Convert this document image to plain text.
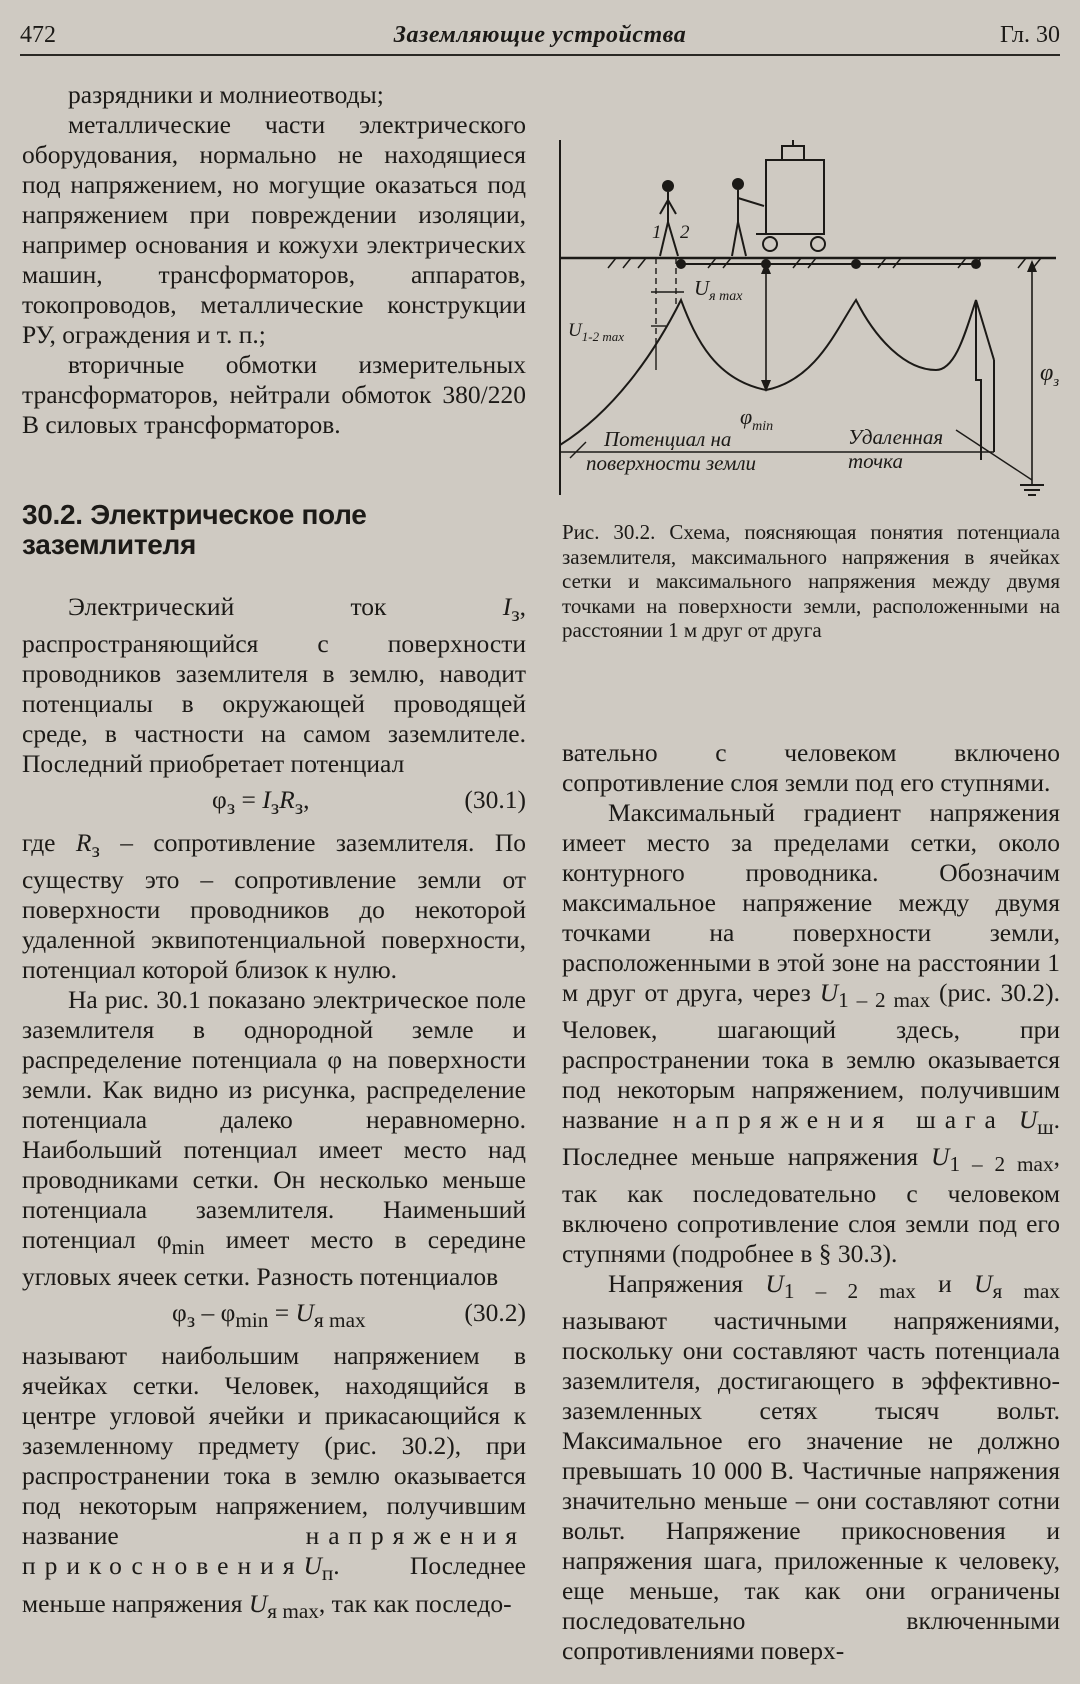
472	Заземляющие устройства	Гл. 30

разрядники и молниеотводы;

металлические части электрического оборудования, нормально не находящиеся под напряжением, но могущие оказаться под напряжением при повреждении изоляции, например основания и кожухи электрических машин, трансформаторов, аппаратов, токопроводов, металлические конструкции РУ, ограждения и т. п.;

вторичные обмотки измерительных трансформаторов, нейтрали обмоток 380/220 В силовых трансформаторов.

30.2. Электрическое поле заземлителя

Электрический ток $I_з$, распространяющийся с поверхности проводников заземлителя в землю, наводит потенциалы в окружающей проводящей среде, в частности на самом заземлителе. Последний приобретает потенциал

$\varphi_з = I_зR_з$,	(30.1)

где $R_з$ – сопротивление заземлителя. По существу это – сопротивление земли от поверхности проводников до некоторой удаленной эквипотенциальной поверхности, потенциал которой близок к нулю.

На рис. 30.1 показано электрическое поле заземлителя в однородной земле и распределение потенциала φ на поверхности земли. Как видно из рисунка, распределение потенциала далеко неравномерно. Наибольший потенциал имеет место над проводниками сетки. Он несколько меньше потенциала заземлителя. Наименьший потенциал $\varphi_{min}$ имеет место в середине угловых ячеек сетки. Разность потенциалов

$\varphi_з - \varphi_{min} = U_{я max}$	(30.2)

называют наибольшим напряжением в ячейках сетки. Человек, находящийся в центре угловой ячейки и прикасающийся к заземленному предмету (рис. 30.2), при распространении тока в землю оказывается под некоторым напряжением, получившим название напряжения прикосновенияU$_п$. Последнее меньше напряжения $U_{я max}$, так как последо-

1 2
$U_{я max}$
$U_{1-2 max}$
$\varphi_{min}$
$\varphi_з$
Потенциал на
поверхности земли
Удаленная
точка
Рис. 30.2. Схема, поясняющая понятия потенциала заземлителя, максимального напряжения в ячейках сетки и максимального напряжения между двумя точками на поверхности земли, расположенными на расстоянии 1 м друг от друга

вательно с человеком включено сопротивление слоя земли под его ступнями.

Максимальный градиент напряжения имеет место за пределами сетки, около контурного проводника. Обозначим максимальное напряжение между двумя точками на поверхности земли, расположенными в этой зоне на расстоянии 1 м друг от друга, через $U_{1 - 2 max}$ (рис. 30.2). Человек, шагающий здесь, при распространении тока в землю оказывается под некоторым напряжением, получившим название напряжения шага $U_ш$. Последнее меньше напряжения $U_{1 - 2 max}$, так как последовательно с человеком включено сопротивление слоя земли под его ступнями (подробнее в § 30.3).

Напряжения $U_{1 - 2 max}$ и $U_{я max}$ называют частичными напряжениями, поскольку они составляют часть потенциала заземлителя, достигающего в эффективно-заземленных сетях тысяч вольт. Максимальное его значение не должно превышать 10 000 В. Частичные напряжения значительно меньше – они составляют сотни вольт. Напряжение прикосновения и напряжения шага, приложенные к человеку, еще меньше, так как они ограничены последовательно включенными сопротивлениями поверх-
